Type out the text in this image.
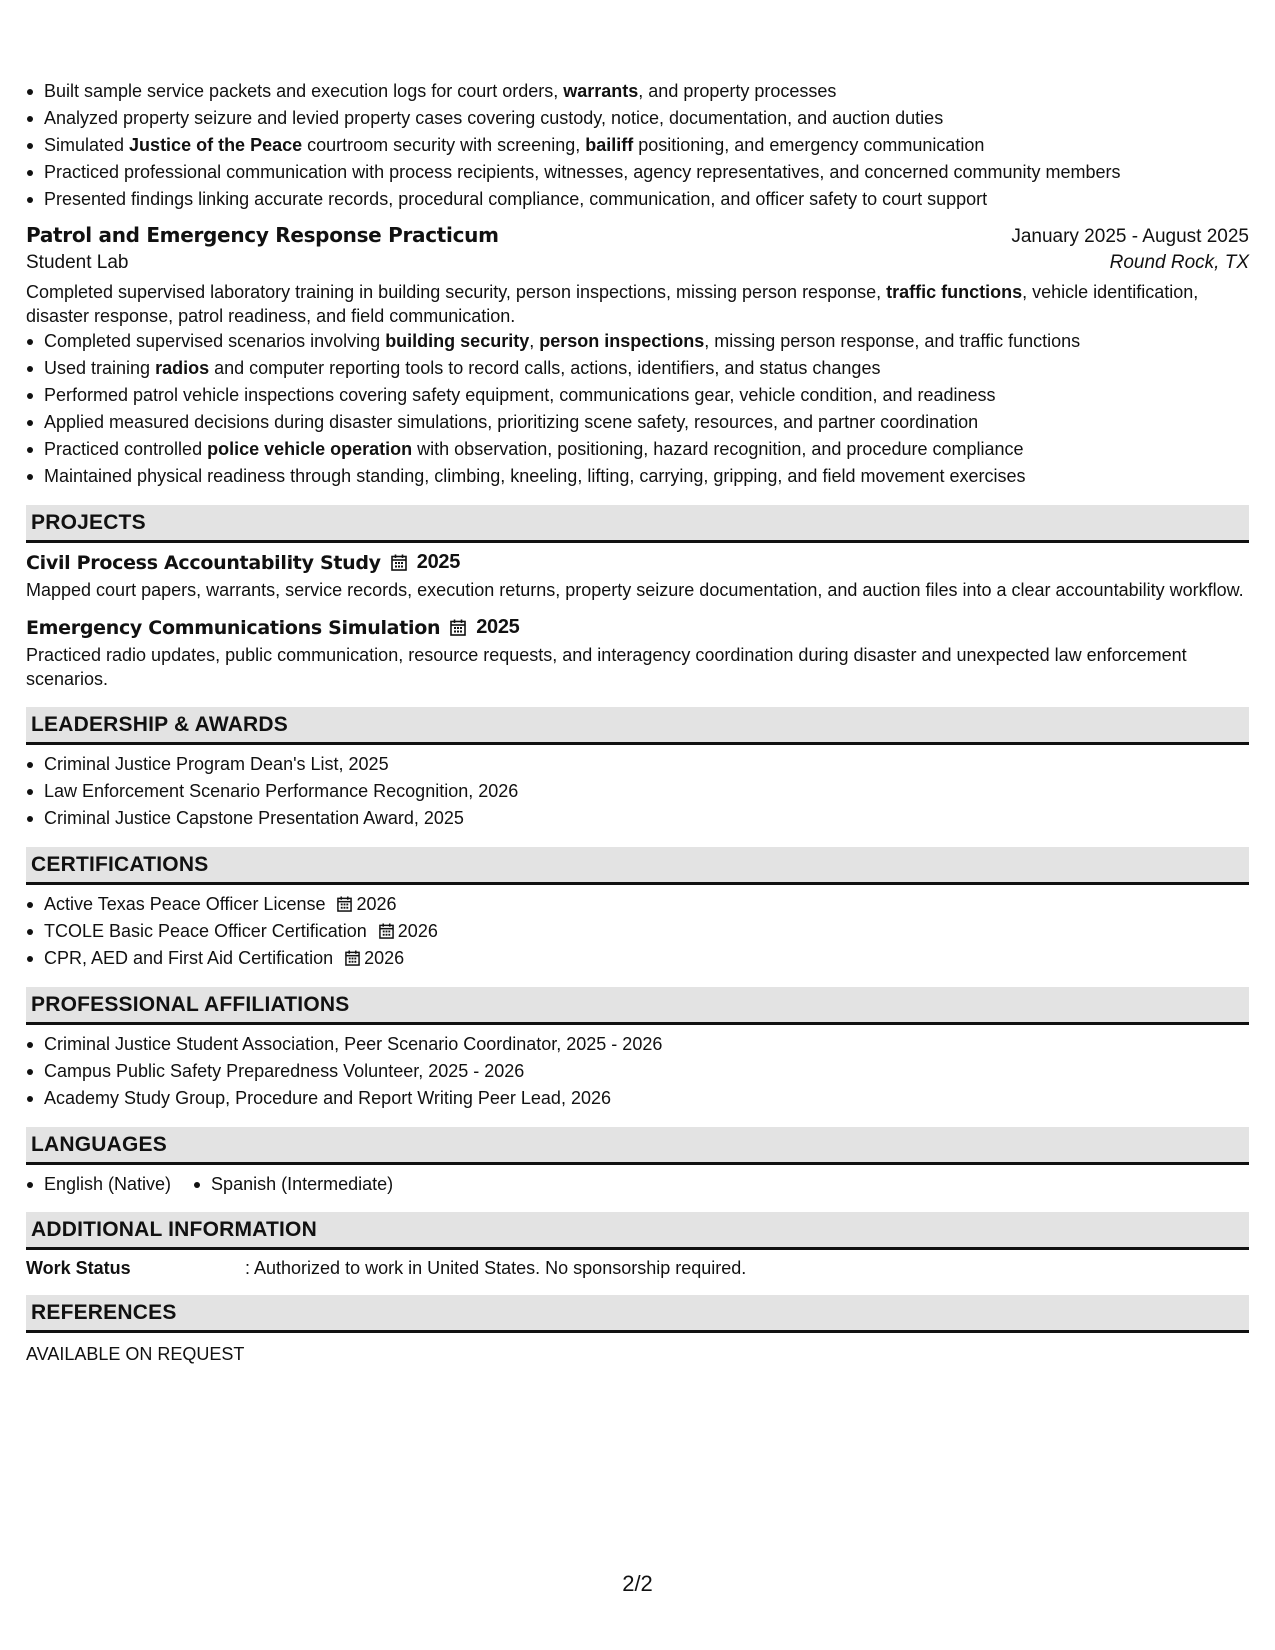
Built sample service packets and execution logs for court orders, warrants, and property processes
Analyzed property seizure and levied property cases covering custody, notice, documentation, and auction duties
Simulated Justice of the Peace courtroom security with screening, bailiff positioning, and emergency communication
Practiced professional communication with process recipients, witnesses, agency representatives, and concerned community members
Presented findings linking accurate records, procedural compliance, communication, and officer safety to court support
Patrol and Emergency Response Practicum	January 2025 - August 2025
Student Lab	Round Rock, TX
Completed supervised laboratory training in building security, person inspections, missing person response, traffic functions, vehicle identification, disaster response, patrol readiness, and field communication.
Completed supervised scenarios involving building security, person inspections, missing person response, and traffic functions
Used training radios and computer reporting tools to record calls, actions, identifiers, and status changes
Performed patrol vehicle inspections covering safety equipment, communications gear, vehicle condition, and readiness
Applied measured decisions during disaster simulations, prioritizing scene safety, resources, and partner coordination
Practiced controlled police vehicle operation with observation, positioning, hazard recognition, and procedure compliance
Maintained physical readiness through standing, climbing, kneeling, lifting, carrying, gripping, and field movement exercises
PROJECTS
Civil Process Accountability Study 2025
Mapped court papers, warrants, service records, execution returns, property seizure documentation, and auction files into a clear accountability workflow.
Emergency Communications Simulation 2025
Practiced radio updates, public communication, resource requests, and interagency coordination during disaster and unexpected law enforcement scenarios.
LEADERSHIP & AWARDS
Criminal Justice Program Dean's List, 2025
Law Enforcement Scenario Performance Recognition, 2026
Criminal Justice Capstone Presentation Award, 2025
CERTIFICATIONS
Active Texas Peace Officer License 2026
TCOLE Basic Peace Officer Certification 2026
CPR, AED and First Aid Certification 2026
PROFESSIONAL AFFILIATIONS
Criminal Justice Student Association, Peer Scenario Coordinator, 2025 - 2026
Campus Public Safety Preparedness Volunteer, 2025 - 2026
Academy Study Group, Procedure and Report Writing Peer Lead, 2026
LANGUAGES
English (Native) Spanish (Intermediate)
ADDITIONAL INFORMATION
Work Status	: Authorized to work in United States. No sponsorship required.
REFERENCES
AVAILABLE ON REQUEST
2/2
